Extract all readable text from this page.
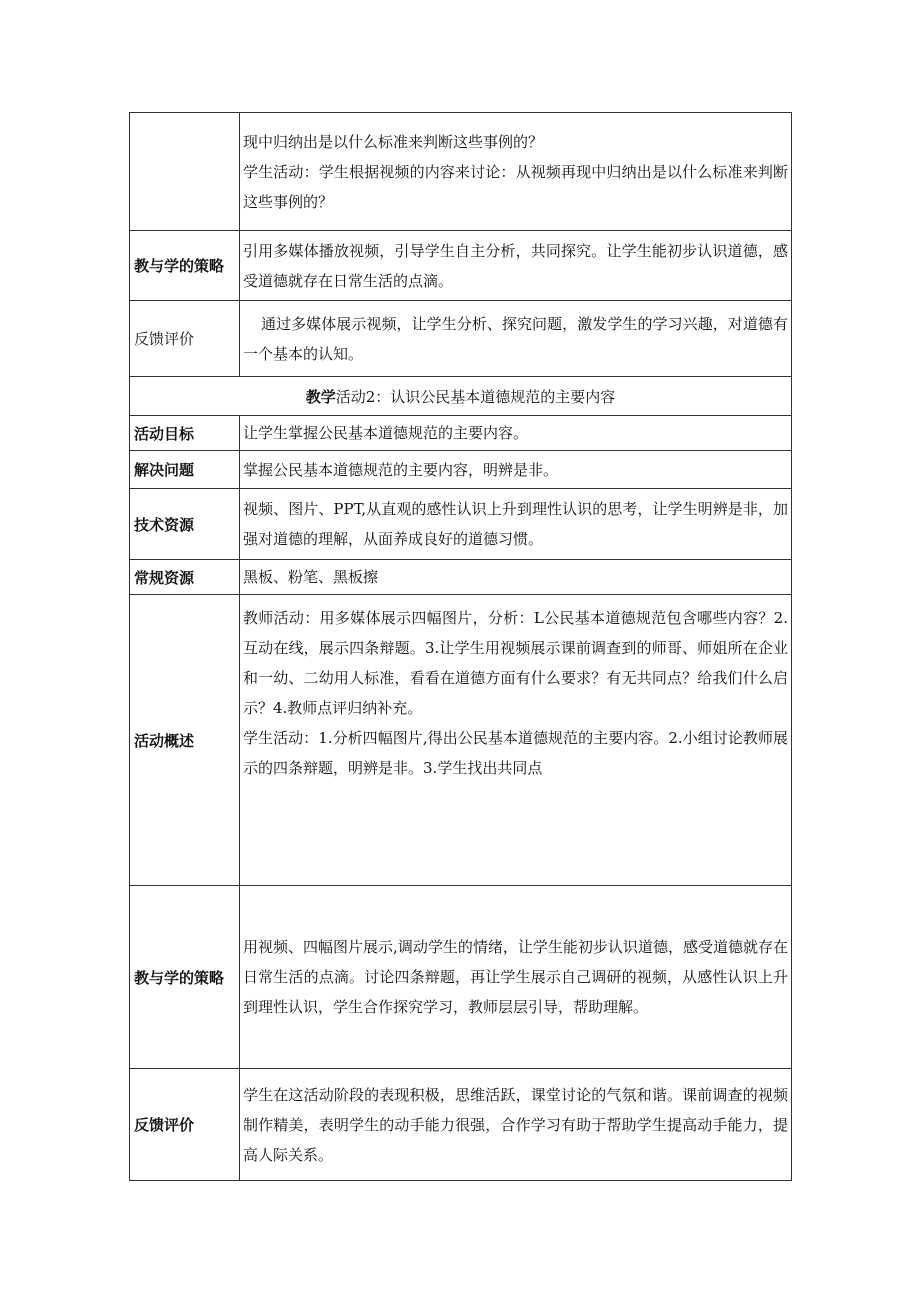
	现中归纳出是以什么标准来判断这些事例的？

学生活动：学生根据视频的内容来讨论：从视频再现中归纳出是以什么标准来判断这些事例的？

教与学的策略	引用多媒体播放视频，引导学生自主分析，共同探究。让学生能初步认识道德，感受道德就存在日常生活的点滴。
反馈评价	通过多媒体展示视频，让学生分析、探究问题，激发学生的学习兴趣，对道德有一个基本的认知。
教学活动2：认识公民基本道德规范的主要内容	
活动目标	让学生掌握公民基本道德规范的主要内容。
解决问题	掌握公民基本道德规范的主要内容，明辨是非。
技术资源	视频、图片、PPT,从直观的感性认识上升到理性认识的思考，让学生明辨是非，加强对道德的理解，从面养成良好的道德习惯。
常规资源	黑板、粉笔、黑板擦
活动概述	教师活动：用多媒体展示四幅图片，分析：L公民基本道德规范包含哪些内容？2.互动在线，展示四条辩题。3.让学生用视频展示课前调查到的师哥、师姐所在企业和一幼、二幼用人标准，看看在道德方面有什么要求？有无共同点？给我们什么启示？4.教师点评归纳补充。

学生活动：1.分析四幅图片,得出公民基本道德规范的主要内容。2.小组讨论教师展示的四条辩题，明辨是非。3.学生找出共同点

教与学的策略	用视频、四幅图片展示,调动学生的情绪，让学生能初步认识道德，感受道德就存在日常生活的点滴。讨论四条辩题，再让学生展示自己调研的视频，从感性认识上升到理性认识，学生合作探究学习，教师层层引导，帮助理解。
反馈评价	学生在这活动阶段的表现积极，思维活跃，课堂讨论的气氛和谐。课前调查的视频制作精美，表明学生的动手能力很强，合作学习有助于帮助学生提高动手能力，提高人际关系。
